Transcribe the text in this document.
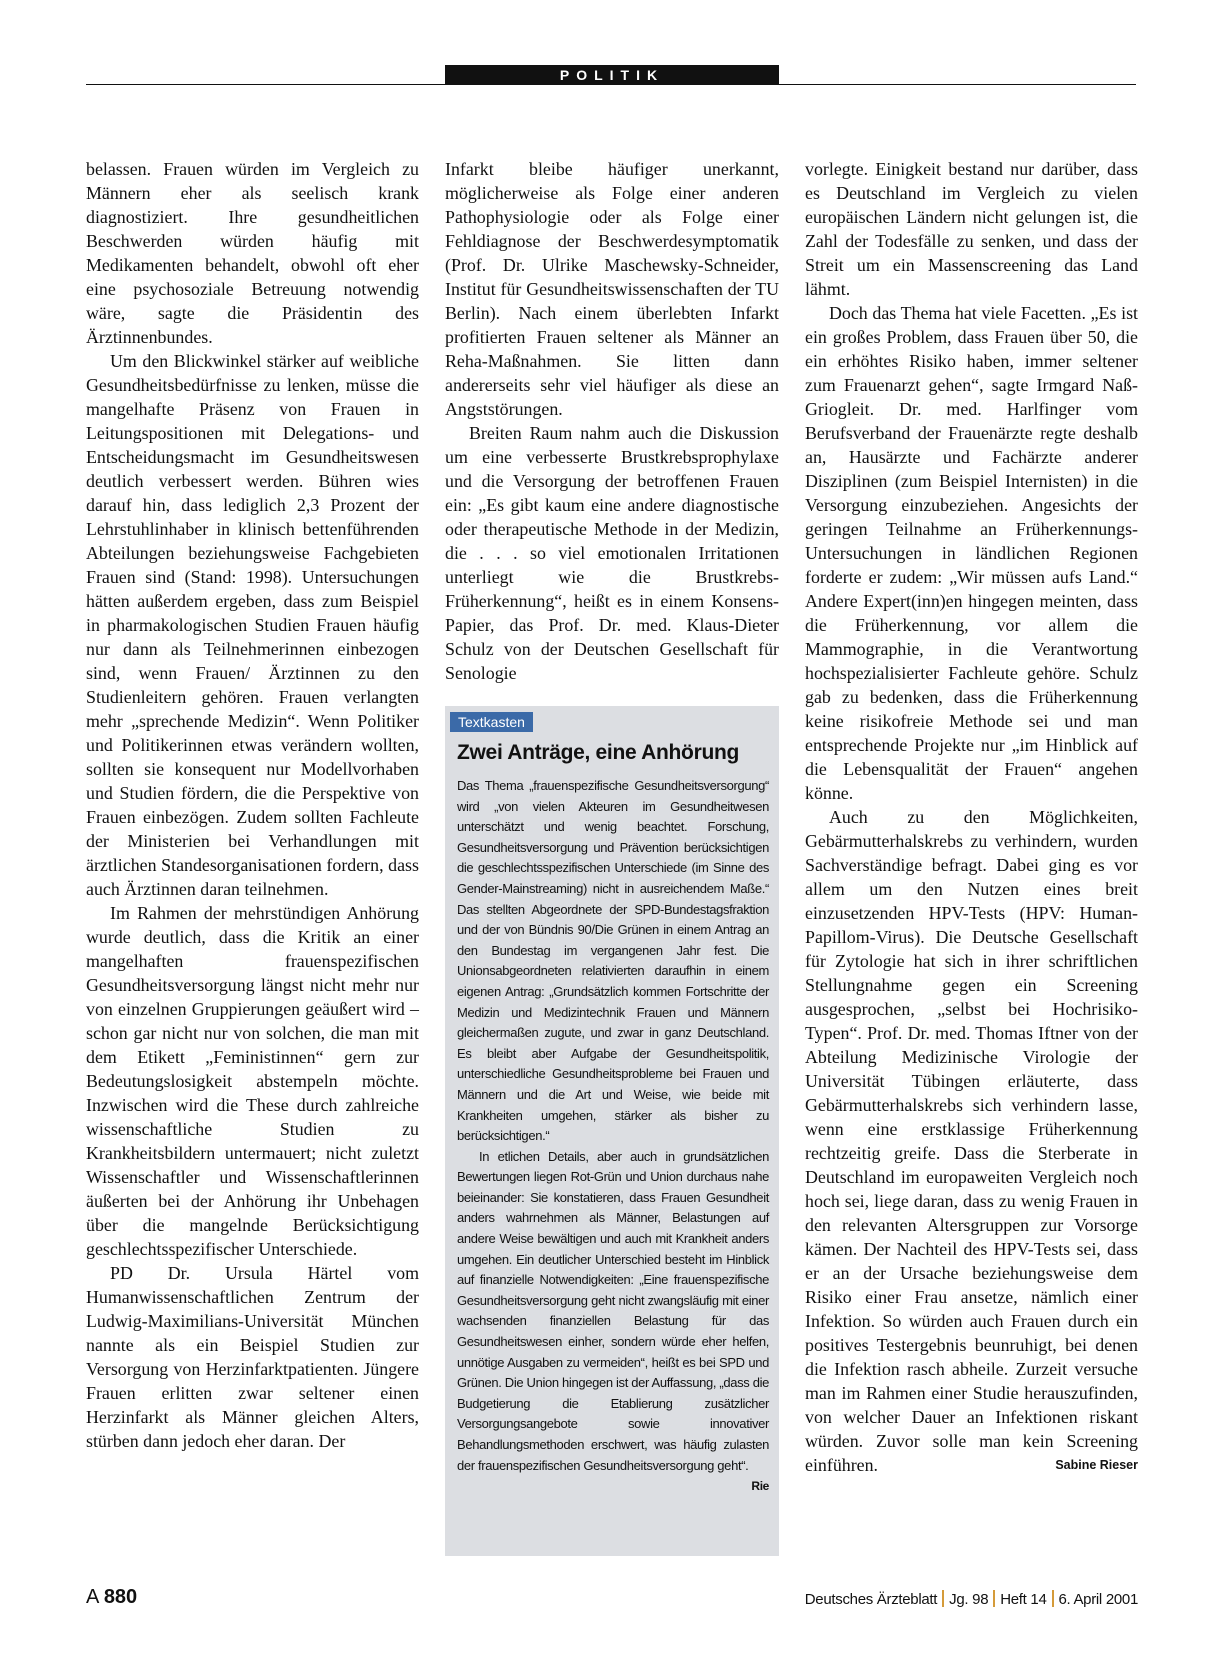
POLITIK

belassen. Frauen würden im Vergleich zu Männern eher als seelisch krank diagnostiziert. Ihre gesundheitlichen Beschwerden würden häufig mit Medikamenten behandelt, obwohl oft eher eine psychosoziale Betreuung notwendig wäre, sagte die Präsidentin des Ärztinnenbundes.

Um den Blickwinkel stärker auf weibliche Gesundheitsbedürfnisse zu lenken, müsse die mangelhafte Präsenz von Frauen in Leitungspositionen mit Delegations- und Entscheidungsmacht im Gesundheitswesen deutlich verbessert werden. Bühren wies darauf hin, dass lediglich 2,3 Prozent der Lehrstuhlinhaber in klinisch bettenführenden Abteilungen beziehungsweise Fachgebieten Frauen sind (Stand: 1998). Untersuchungen hätten außerdem ergeben, dass zum Beispiel in pharmakologischen Studien Frauen häufig nur dann als Teilnehmerinnen einbezogen sind, wenn Frauen/ Ärztinnen zu den Studienleitern gehören. Frauen verlangten mehr „sprechende Medizin“. Wenn Politiker und Politikerinnen etwas verändern wollten, sollten sie konsequent nur Modellvorhaben und Studien fördern, die die Perspektive von Frauen einbezögen. Zudem sollten Fachleute der Ministerien bei Verhandlungen mit ärztlichen Standesorganisationen fordern, dass auch Ärztinnen daran teilnehmen.

Im Rahmen der mehrstündigen Anhörung wurde deutlich, dass die Kritik an einer mangelhaften frauenspezifischen Gesundheitsversorgung längst nicht mehr nur von einzelnen Gruppierungen geäußert wird – schon gar nicht nur von solchen, die man mit dem Etikett „Feministinnen“ gern zur Bedeutungslosigkeit abstempeln möchte. Inzwischen wird die These durch zahlreiche wissenschaftliche Studien zu Krankheitsbildern untermauert; nicht zuletzt Wissenschaftler und Wissenschaftlerinnen äußerten bei der Anhörung ihr Unbehagen über die mangelnde Berücksichtigung geschlechtsspezifischer Unterschiede.

PD Dr. Ursula Härtel vom Humanwissenschaftlichen Zentrum der Ludwig-Maximilians-Universität München nannte als ein Beispiel Studien zur Versorgung von Herzinfarktpatienten. Jüngere Frauen erlitten zwar seltener einen Herzinfarkt als Männer gleichen Alters, stürben dann jedoch eher daran. Der

Infarkt bleibe häufiger unerkannt, möglicherweise als Folge einer anderen Pathophysiologie oder als Folge einer Fehldiagnose der Beschwerdesymptomatik (Prof. Dr. Ulrike Maschewsky-Schneider, Institut für Gesundheitswissenschaften der TU Berlin). Nach einem überlebten Infarkt profitierten Frauen seltener als Männer an Reha-Maßnahmen. Sie litten dann andererseits sehr viel häufiger als diese an Angststörungen.

Breiten Raum nahm auch die Diskussion um eine verbesserte Brustkrebsprophylaxe und die Versorgung der betroffenen Frauen ein: „Es gibt kaum eine andere diagnostische oder therapeutische Methode in der Medizin, die . . . so viel emotionalen Irritationen unterliegt wie die Brustkrebs-Früherkennung“, heißt es in einem Konsens-Papier, das Prof. Dr. med. Klaus-Dieter Schulz von der Deutschen Gesellschaft für Senologie

Textkasten
Zwei Anträge, eine Anhörung

Das Thema „frauenspezifische Gesundheitsversorgung“ wird „von vielen Akteuren im Gesundheitwesen unterschätzt und wenig beachtet. Forschung, Gesundheitsversorgung und Prävention berücksichtigen die geschlechtsspezifischen Unterschiede (im Sinne des Gender-Mainstreaming) nicht in ausreichendem Maße.“ Das stellten Abgeordnete der SPD-Bundestagsfraktion und der von Bündnis 90/Die Grünen in einem Antrag an den Bundestag im vergangenen Jahr fest. Die Unionsabgeordneten relativierten daraufhin in einem eigenen Antrag: „Grundsätzlich kommen Fortschritte der Medizin und Medizintechnik Frauen und Männern gleichermaßen zugute, und zwar in ganz Deutschland. Es bleibt aber Aufgabe der Gesundheitspolitik, unterschiedliche Gesundheitsprobleme bei Frauen und Männern und die Art und Weise, wie beide mit Krankheiten umgehen, stärker als bisher zu berücksichtigen.“

In etlichen Details, aber auch in grundsätzlichen Bewertungen liegen Rot-Grün und Union durchaus nahe beieinander: Sie konstatieren, dass Frauen Gesundheit anders wahrnehmen als Männer, Belastungen auf andere Weise bewältigen und auch mit Krankheit anders umgehen. Ein deutlicher Unterschied besteht im Hinblick auf finanzielle Notwendigkeiten: „Eine frauenspezifische Gesundheitsversorgung geht nicht zwangsläufig mit einer wachsenden finanziellen Belastung für das Gesundheitswesen einher, sondern würde eher helfen, unnötige Ausgaben zu vermeiden“, heißt es bei SPD und Grünen. Die Union hingegen ist der Auffassung, „dass die Budgetierung die Etablierung zusätzlicher Versorgungsangebote sowie innovativer Behandlungsmethoden erschwert, was häufig zulasten der frauenspezifischen Gesundheitsversorgung geht“.
Rie

vorlegte. Einigkeit bestand nur darüber, dass es Deutschland im Vergleich zu vielen europäischen Ländern nicht gelungen ist, die Zahl der Todesfälle zu senken, und dass der Streit um ein Massenscreening das Land lähmt.

Doch das Thema hat viele Facetten. „Es ist ein großes Problem, dass Frauen über 50, die ein erhöhtes Risiko haben, immer seltener zum Frauenarzt gehen“, sagte Irmgard Naß-Griogleit. Dr. med. Harlfinger vom Berufsverband der Frauenärzte regte deshalb an, Hausärzte und Fachärzte anderer Disziplinen (zum Beispiel Internisten) in die Versorgung einzubeziehen. Angesichts der geringen Teilnahme an Früherkennungs-Untersuchungen in ländlichen Regionen forderte er zudem: „Wir müssen aufs Land.“ Andere Expert(inn)en hingegen meinten, dass die Früherkennung, vor allem die Mammographie, in die Verantwortung hochspezialisierter Fachleute gehöre. Schulz gab zu bedenken, dass die Früherkennung keine risikofreie Methode sei und man entsprechende Projekte nur „im Hinblick auf die Lebensqualität der Frauen“ angehen könne.

Auch zu den Möglichkeiten, Gebärmutterhalskrebs zu verhindern, wurden Sachverständige befragt. Dabei ging es vor allem um den Nutzen eines breit einzusetzenden HPV-Tests (HPV: Human-Papillom-Virus). Die Deutsche Gesellschaft für Zytologie hat sich in ihrer schriftlichen Stellungnahme gegen ein Screening ausgesprochen, „selbst bei Hochrisiko-Typen“. Prof. Dr. med. Thomas Iftner von der Abteilung Medizinische Virologie der Universität Tübingen erläuterte, dass Gebärmutterhalskrebs sich verhindern lasse, wenn eine erstklassige Früherkennung rechtzeitig greife. Dass die Sterberate in Deutschland im europaweiten Vergleich noch hoch sei, liege daran, dass zu wenig Frauen in den relevanten Altersgruppen zur Vorsorge kämen. Der Nachteil des HPV-Tests sei, dass er an der Ursache beziehungsweise dem Risiko einer Frau ansetze, nämlich einer Infektion. So würden auch Frauen durch ein positives Testergebnis beunruhigt, bei denen die Infektion rasch abheile. Zurzeit versuche man im Rahmen einer Studie herauszufinden, von welcher Dauer an Infektionen riskant würden. Zuvor solle man kein Screening einführen.	Sabine Rieser

A 880	Deutsches Ärzteblatt Jg. 98 Heft 14 6. April 2001
